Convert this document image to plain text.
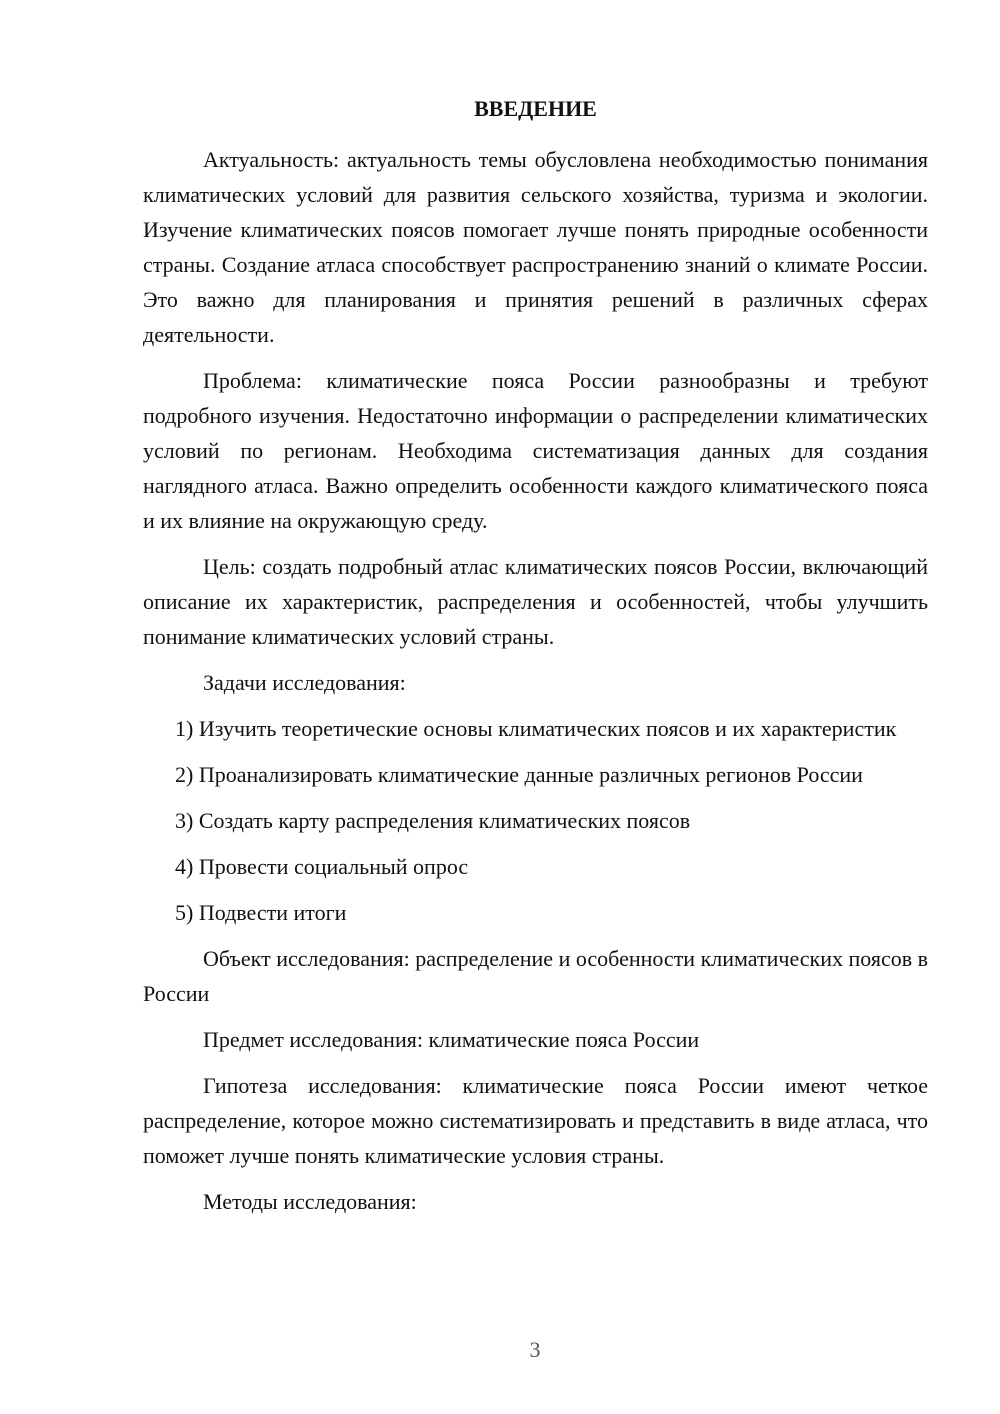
ВВЕДЕНИЕ

Актуальность: актуальность темы обусловлена необходимостью понимания климатических условий для развития сельского хозяйства, туризма и экологии. Изучение климатических поясов помогает лучше понять природные особенности страны. Создание атласа способствует распространению знаний о климате России. Это важно для планирования и принятия решений в различных сферах деятельности.

Проблема: климатические пояса России разнообразны и требуют подробного изучения. Недостаточно информации о распределении климатических условий по регионам. Необходима систематизация данных для создания наглядного атласа. Важно определить особенности каждого климатического пояса и их влияние на окружающую среду.

Цель: создать подробный атлас климатических поясов России, включающий описание их характеристик, распределения и особенностей, чтобы улучшить понимание климатических условий страны.

Задачи исследования:

1) Изучить теоретические основы климатических поясов и их характеристик

2) Проанализировать климатические данные различных регионов России

3) Создать карту распределения климатических поясов

4) Провести социальный опрос

5) Подвести итоги

Объект исследования: распределение и особенности климатических поясов в России

Предмет исследования: климатические пояса России

Гипотеза исследования: климатические пояса России имеют четкое распределение, которое можно систематизировать и представить в виде атласа, что поможет лучше понять климатические условия страны.

Методы исследования:

3
